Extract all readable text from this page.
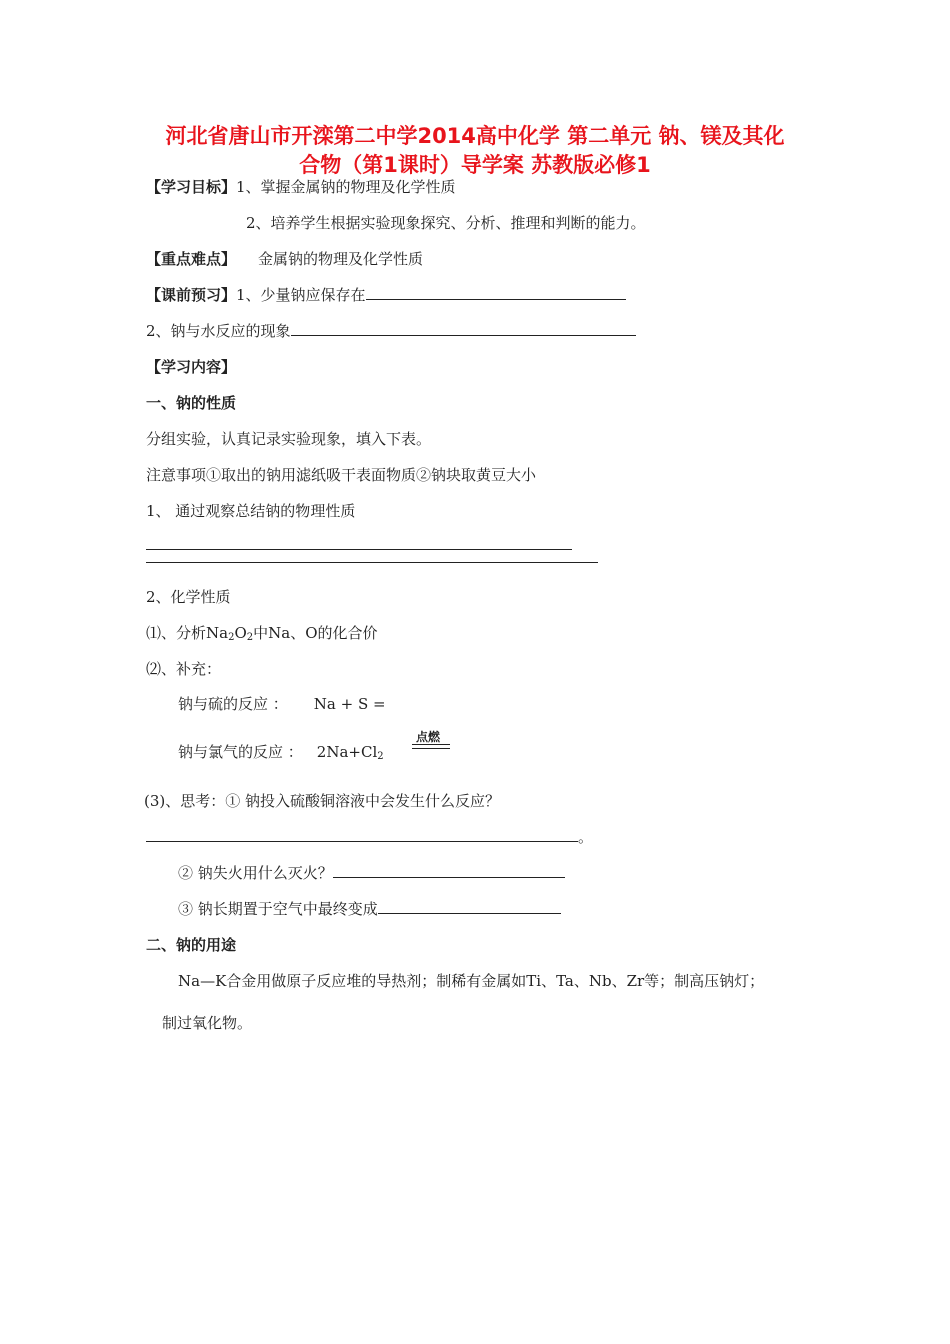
河北省唐山市开滦第二中学2014高中化学 第二单元 钠、镁及其化
合物（第1课时）导学案 苏教版必修1
【学习目标】1、掌握金属钠的物理及化学性质
2、培养学生根据实验现象探究、分析、推理和判断的能力。
【重点难点】 金属钠的物理及化学性质
【课前预习】1、少量钠应保存在
2、钠与水反应的现象
【学习内容】
一、钠的性质
分组实验，认真记录实验现象，填入下表。
注意事项①取出的钠用滤纸吸干表面物质②钠块取黄豆大小
1、 通过观察总结钠的物理性质
2、化学性质
⑴、分析$Na_2O_2$中Na、O的化合价
⑵、补充：
钠与硫的反应 ： Na + S =
钠与氯气的反应 ： $2Na+Cl_2$
点燃
(3)、思考：① 钠投入硫酸铜溶液中会发生什么反应？
。
② 钠失火用什么灭火？
③ 钠长期置于空气中最终变成
二、钠的用途
Na—K合金用做原子反应堆的导热剂；制稀有金属如Ti、Ta、Nb、Zr等；制高压钠灯；
制过氧化物。
